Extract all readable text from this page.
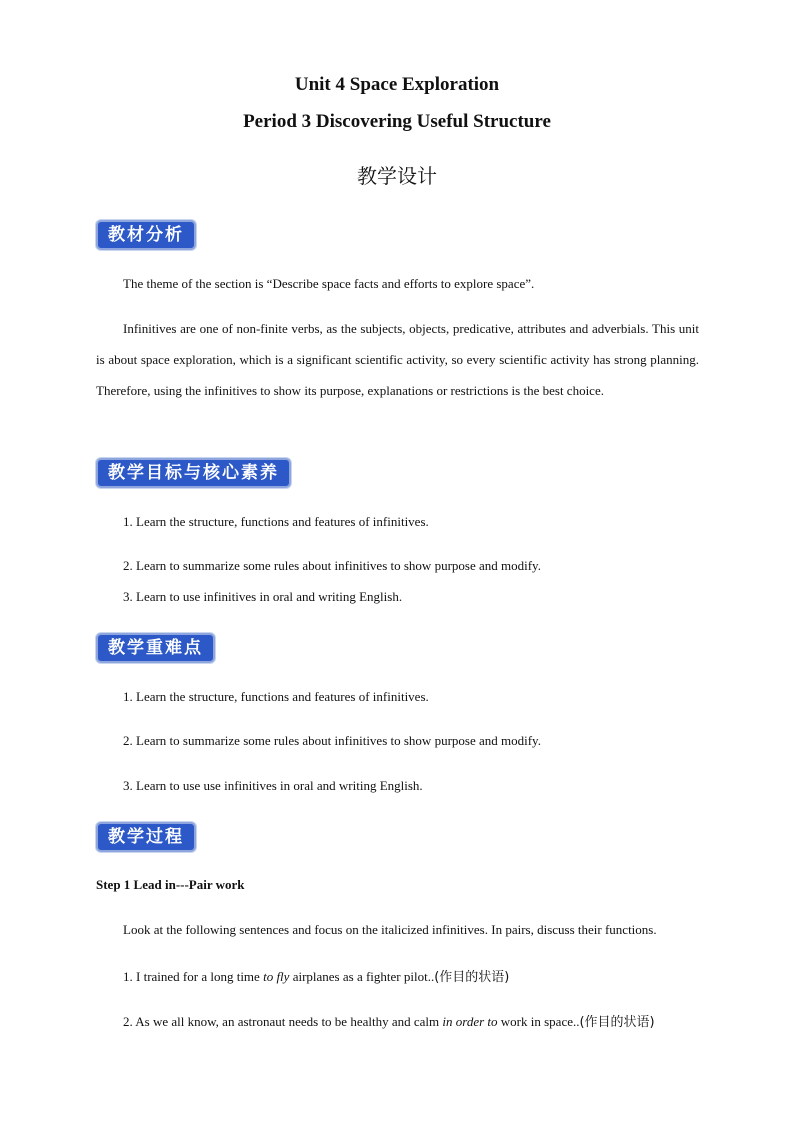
Unit 4 Space Exploration
Period 3 Discovering Useful Structure
教学设计
教材分析
The theme of the section is “Describe space facts and efforts to explore space”.
Infinitives are one of non-finite verbs, as the subjects, objects, predicative, attributes and adverbials. This unit is about space exploration, which is a significant scientific activity, so every scientific activity has strong planning. Therefore, using the infinitives to show its purpose, explanations or restrictions is the best choice.
教学目标与核心素养
1. Learn the structure, functions and features of infinitives.
2. Learn to summarize some rules about infinitives to show purpose and modify.
3. Learn to use infinitives in oral and writing English.
教学重难点
1. Learn the structure, functions and features of infinitives.
2. Learn to summarize some rules about infinitives to show purpose and modify.
3. Learn to use use infinitives in oral and writing English.
教学过程
Step 1 Lead in---Pair work
Look at the following sentences and focus on the italicized infinitives. In pairs, discuss their functions.
1. I trained for a long time to fly airplanes as a fighter pilot..(作目的状语)
2. As we all know, an astronaut needs to be healthy and calm in order to work in space..(作目的状语)
